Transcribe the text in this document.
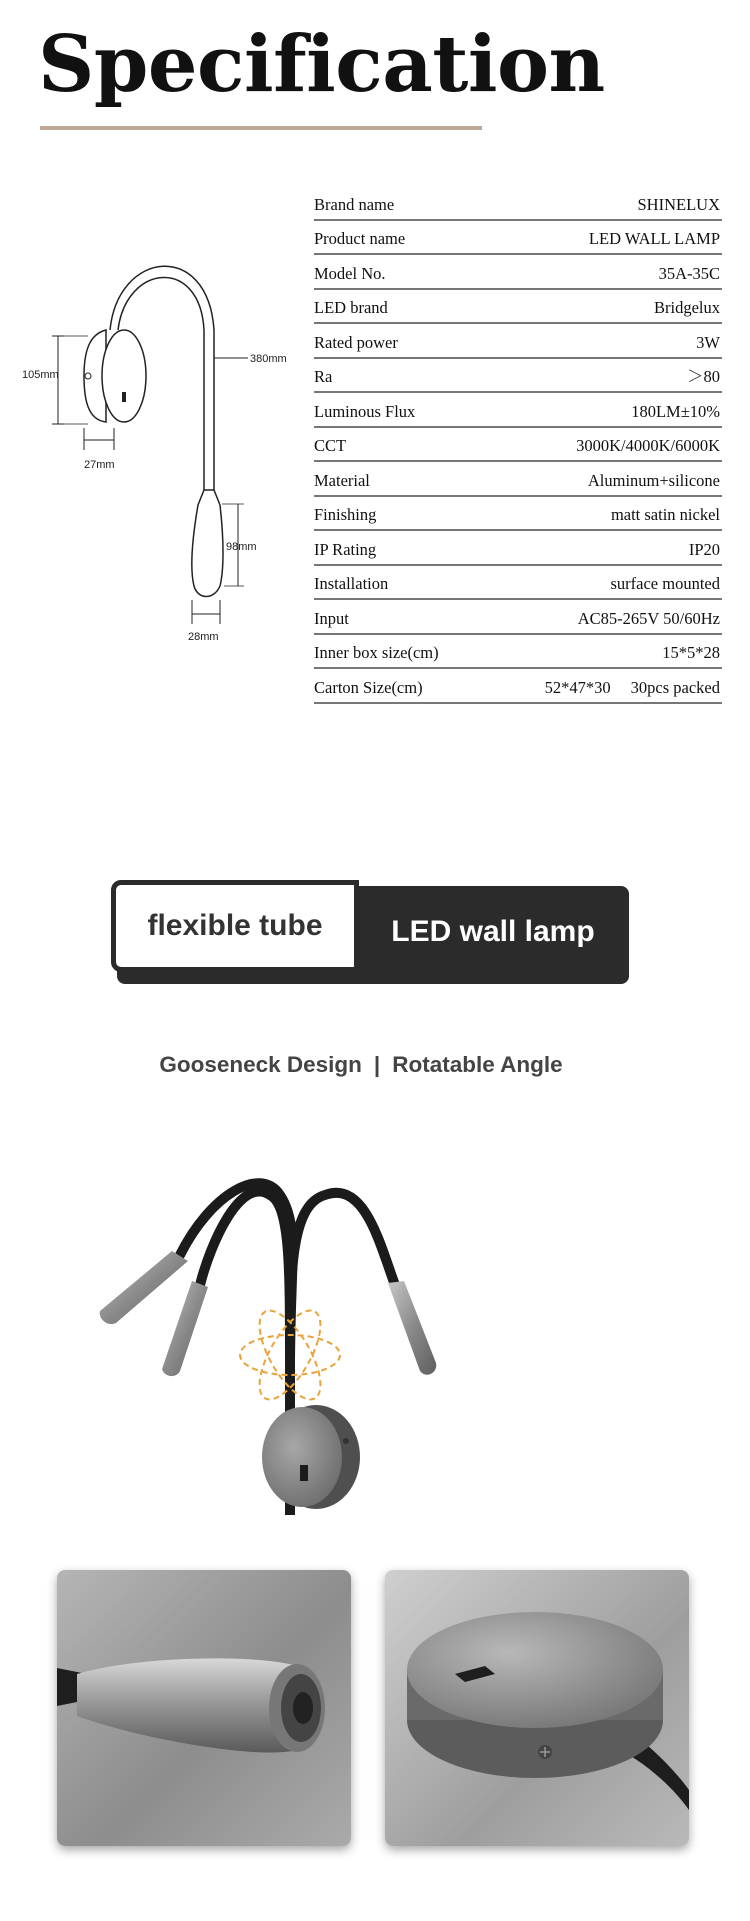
Specification
105mm
380mm
27mm
98mm
28mm
Brand name	SHINELUX
Product name	LED WALL LAMP
Model No.	35A-35C
LED brand	Bridgelux
Rated power	3W
Ra	＞80
Luminous Flux	180LM±10%
CCT	3000K/4000K/6000K
Material	Aluminum+silicone
Finishing	matt satin nickel
IP Rating	IP20
Installation	surface mounted
Input	AC85-265V 50/60Hz
Inner box size(cm)	15*5*28
Carton Size(cm)	52*47*30 30pcs packed
flexible tube	LED wall lamp
Gooseneck Design | Rotatable Angle
